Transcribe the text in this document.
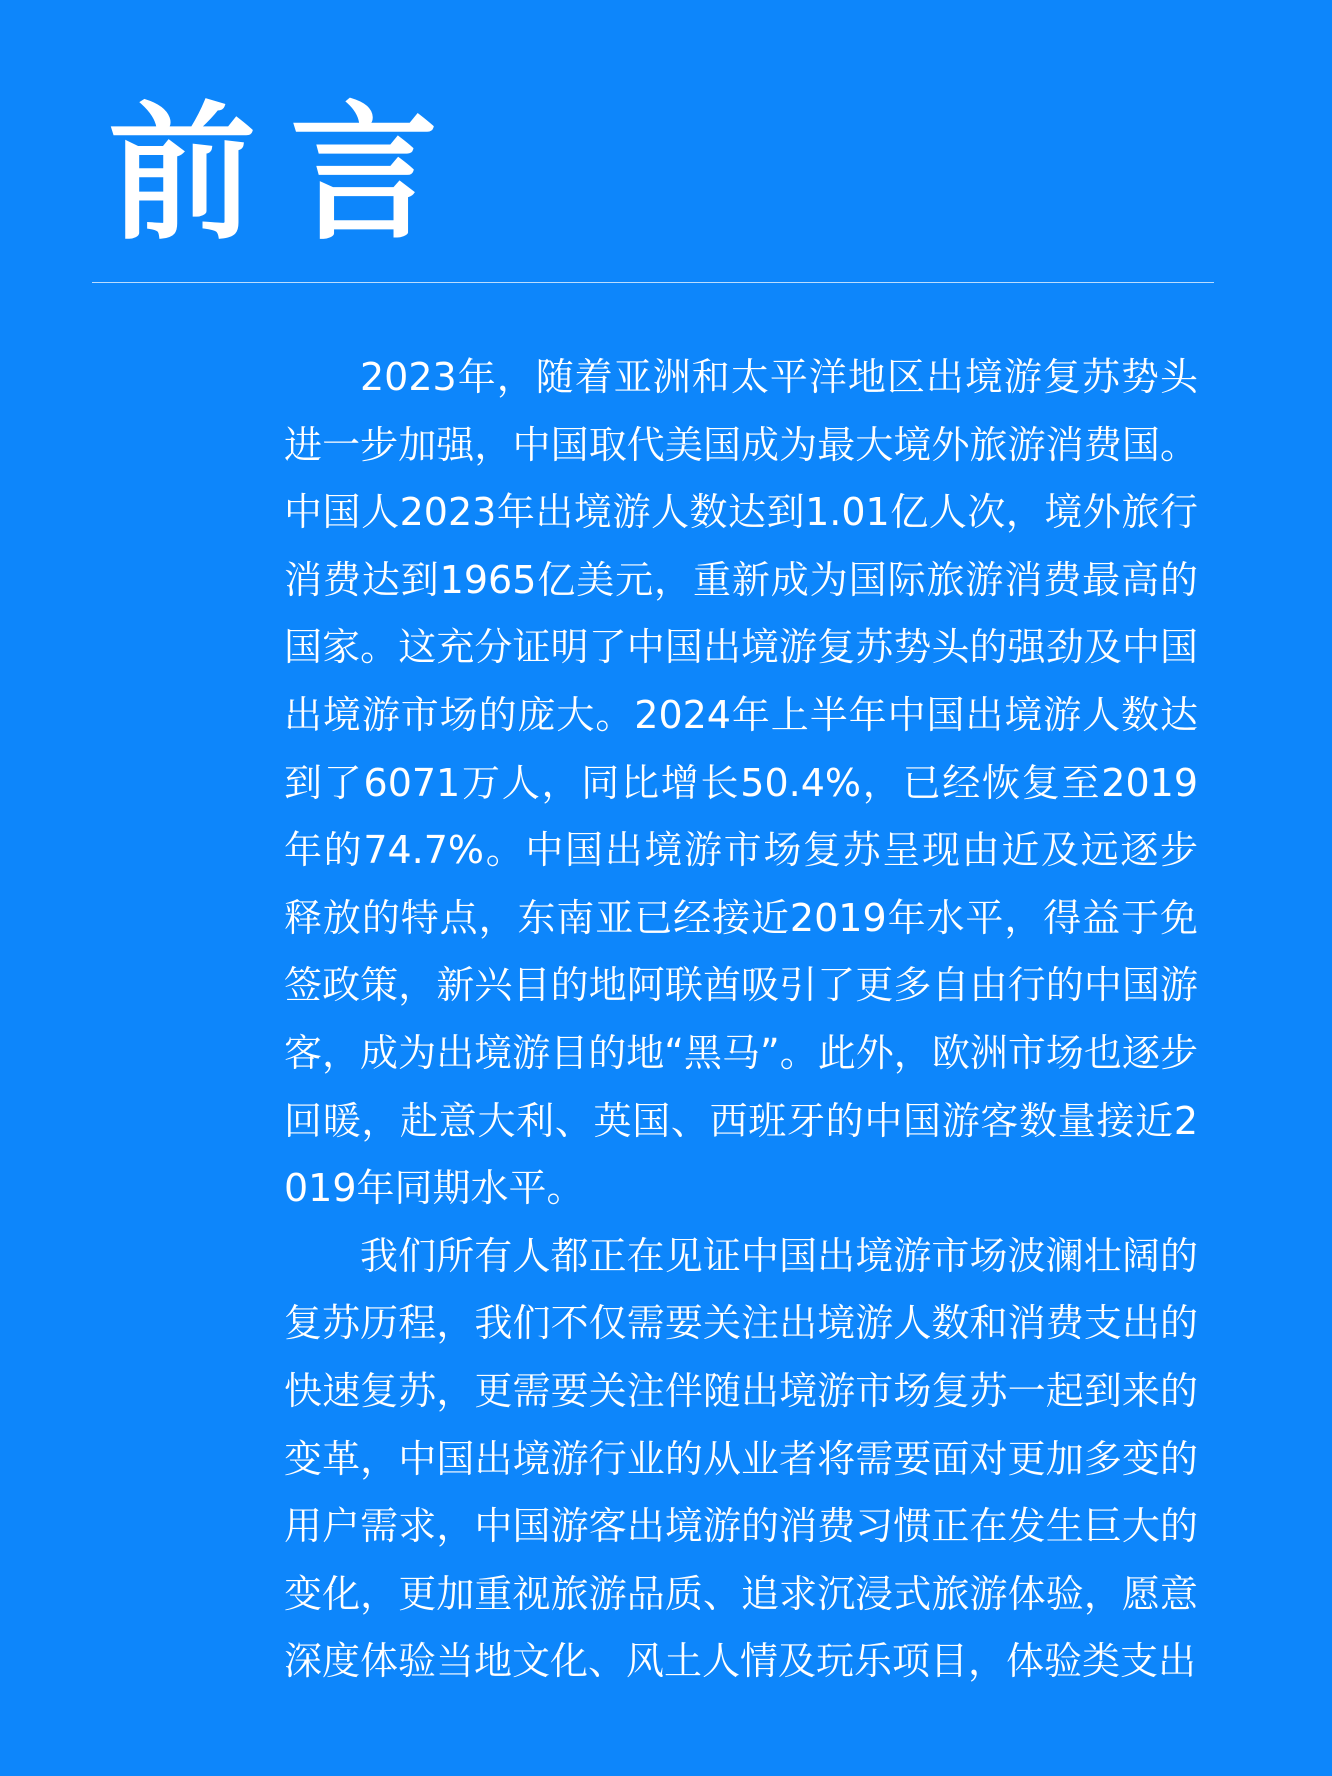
前言

2023年，随着亚洲和太平洋地区出境游复苏势头进一步加强，中国取代美国成为最大境外旅游消费国。中国人2023年出境游人数达到1.01亿人次，境外旅行消费达到1965亿美元，重新成为国际旅游消费最高的国家。这充分证明了中国出境游复苏势头的强劲及中国出境游市场的庞大。2024年上半年中国出境游人数达到了6071万人，同比增长50.4%，已经恢复至2019年的74.7%。中国出境游市场复苏呈现由近及远逐步释放的特点，东南亚已经接近2019年水平，得益于免签政策，新兴目的地阿联酋吸引了更多自由行的中国游客，成为出境游目的地“黑马”。此外，欧洲市场也逐步回暖，赴意大利、英国、西班牙的中国游客数量接近2019年同期水平。

我们所有人都正在见证中国出境游市场波澜壮阔的复苏历程，我们不仅需要关注出境游人数和消费支出的快速复苏，更需要关注伴随出境游市场复苏一起到来的变革，中国出境游行业的从业者将需要面对更加多变的用户需求，中国游客出境游的消费习惯正在发生巨大的变化，更加重视旅游品质、追求沉浸式旅游体验，愿意深度体验当地文化、风土人情及玩乐项目，体验类支出
